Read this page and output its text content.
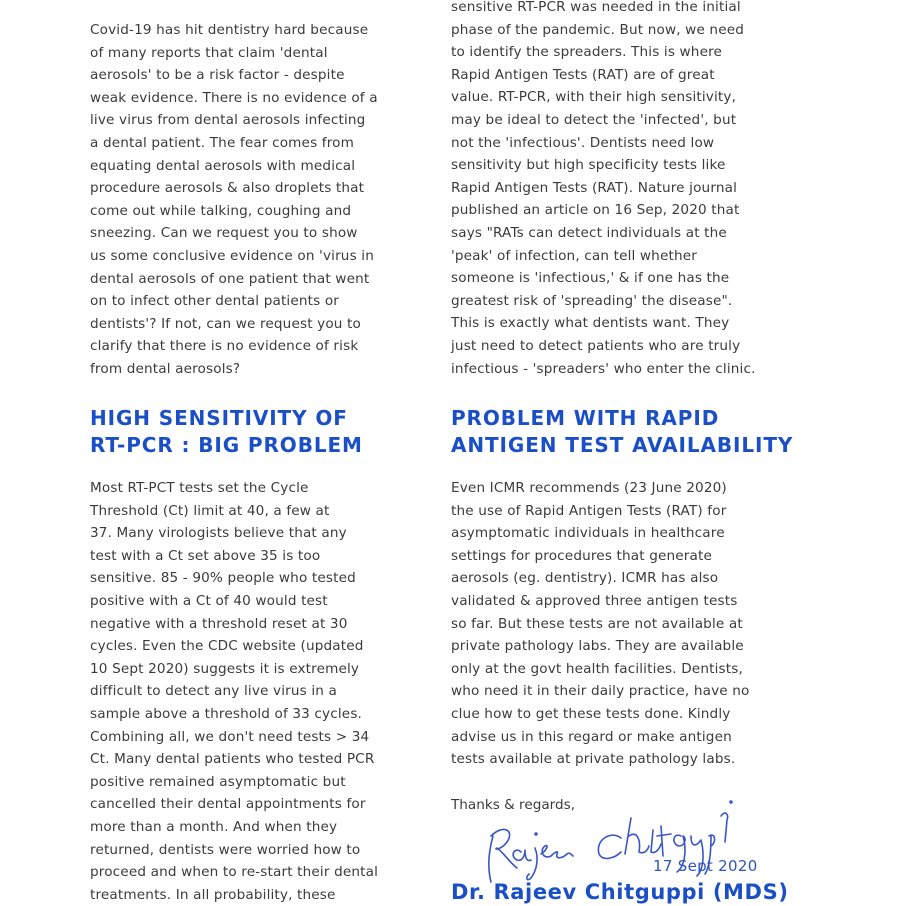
Covid-19 has hit dentistry hard because
of many reports that claim 'dental
aerosols' to be a risk factor - despite
weak evidence. There is no evidence of a
live virus from dental aerosols infecting
a dental patient. The fear comes from
equating dental aerosols with medical
procedure aerosols & also droplets that
come out while talking, coughing and
sneezing. Can we request you to show
us some conclusive evidence on 'virus in
dental aerosols of one patient that went
on to infect other dental patients or
dentists'? If not, can we request you to
clarify that there is no evidence of risk
from dental aerosols?

HIGH SENSITIVITY OF
RT-PCR : BIG PROBLEM

Most RT-PCT tests set the Cycle
Threshold (Ct) limit at 40, a few at
37. Many virologists believe that any
test with a Ct set above 35 is too
sensitive. 85 - 90% people who tested
positive with a Ct of 40 would test
negative with a threshold reset at 30
cycles. Even the CDC website (updated
10 Sept 2020) suggests it is extremely
difficult to detect any live virus in a
sample above a threshold of 33 cycles.
Combining all, we don't need tests > 34
Ct. Many dental patients who tested PCR
positive remained asymptomatic but
cancelled their dental appointments for
more than a month. And when they
returned, dentists were worried how to
proceed and when to re-start their dental
treatments. In all probability, these

sensitive RT-PCR was needed in the initial
phase of the pandemic. But now, we need
to identify the spreaders. This is where
Rapid Antigen Tests (RAT) are of great
value. RT-PCR, with their high sensitivity,
may be ideal to detect the 'infected', but
not the 'infectious'. Dentists need low
sensitivity but high specificity tests like
Rapid Antigen Tests (RAT). Nature journal
published an article on 16 Sep, 2020 that
says "RATs can detect individuals at the
'peak' of infection, can tell whether
someone is 'infectious,' & if one has the
greatest risk of 'spreading' the disease".
This is exactly what dentists want. They
just need to detect patients who are truly
infectious - 'spreaders' who enter the clinic.

PROBLEM WITH RAPID
ANTIGEN TEST AVAILABILITY

Even ICMR recommends (23 June 2020)
the use of Rapid Antigen Tests (RAT) for
asymptomatic individuals in healthcare
settings for procedures that generate
aerosols (eg. dentistry). ICMR has also
validated & approved three antigen tests
so far. But these tests are not available at
private pathology labs. They are available
only at the govt health facilities. Dentists,
who need it in their daily practice, have no
clue how to get these tests done. Kindly
advise us in this regard or make antigen
tests available at private pathology labs.

Thanks & regards,
17 Sept 2020
Dr. Rajeev Chitguppi (MDS)
